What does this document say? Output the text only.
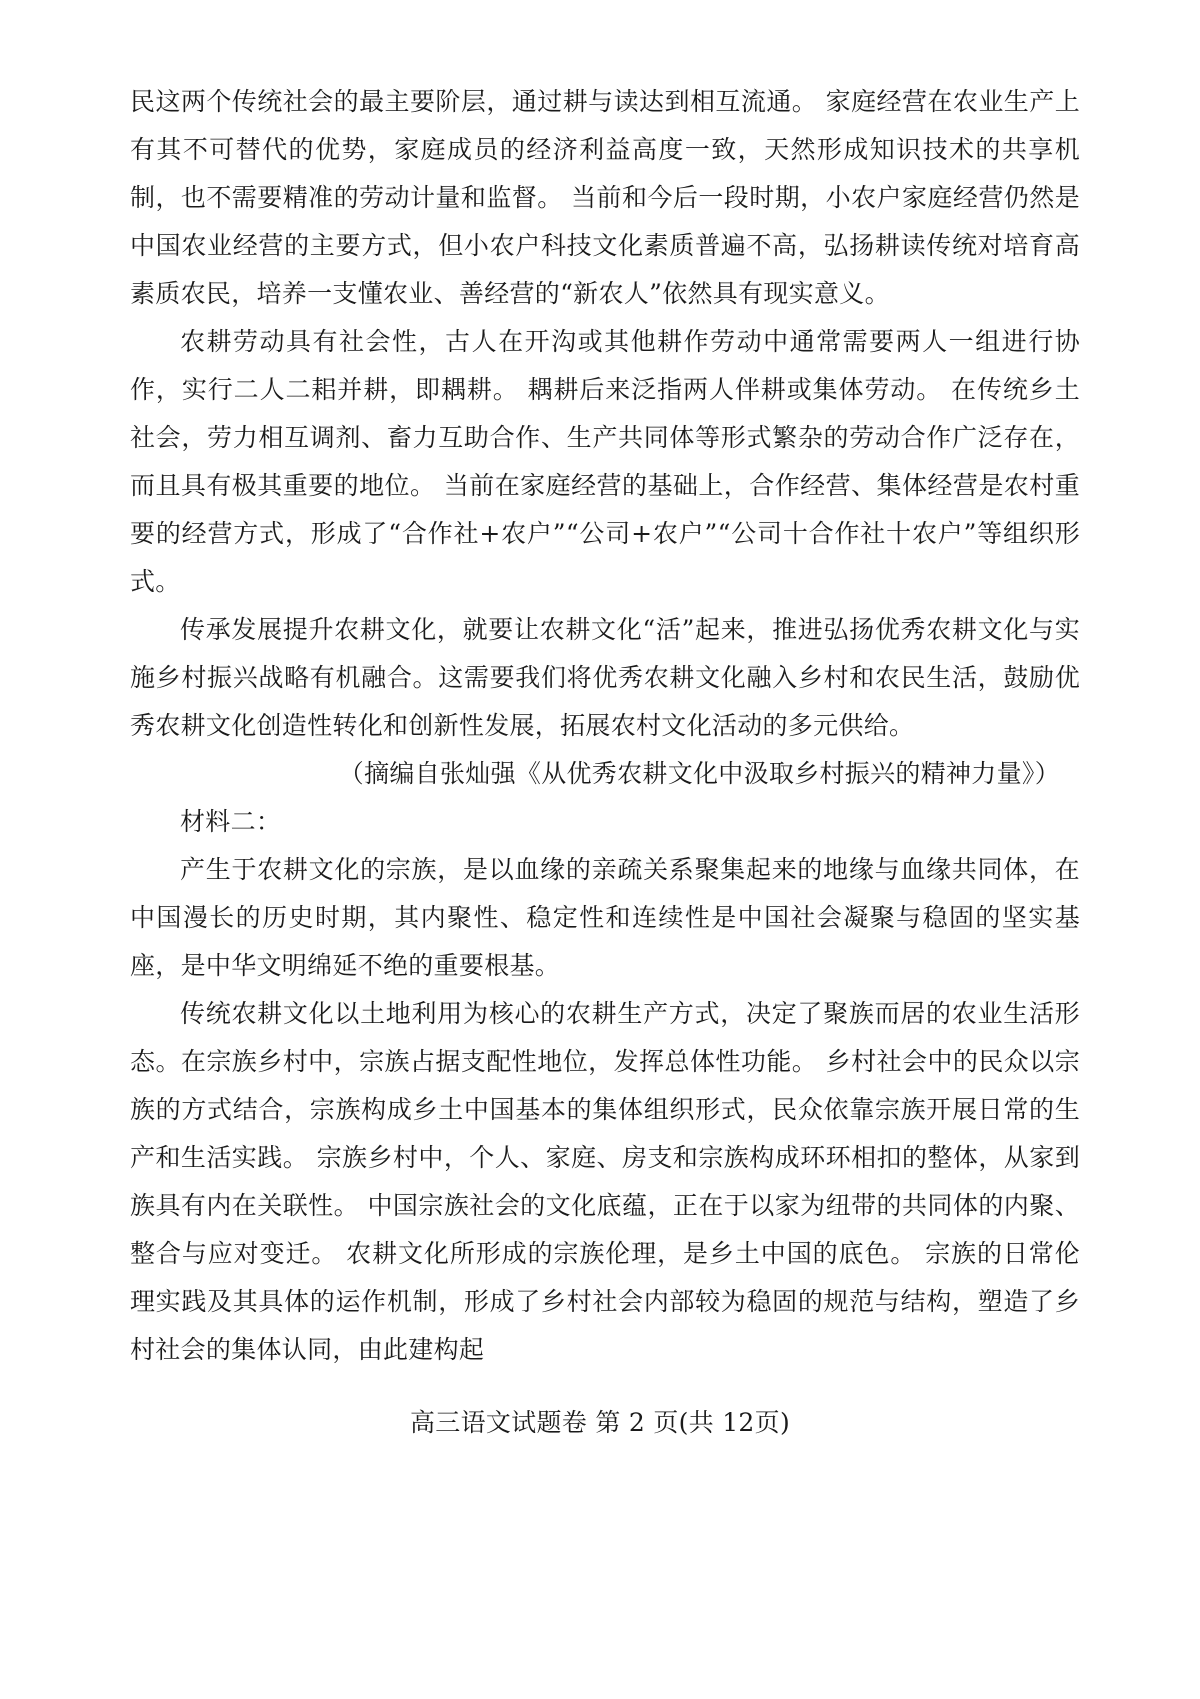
民这两个传统社会的最主要阶层，通过耕与读达到相互流通。 家庭经营在农业生产上有其不可替代的优势，家庭成员的经济利益高度一致，天然形成知识技术的共享机制，也不需要精准的劳动计量和监督。 当前和今后一段时期，小农户家庭经营仍然是中国农业经营的主要方式，但小农户科技文化素质普遍不高，弘扬耕读传统对培育高素质农民，培养一支懂农业、善经营的“新农人”依然具有现实意义。

农耕劳动具有社会性，古人在开沟或其他耕作劳动中通常需要两人一组进行协作，实行二人二耜并耕，即耦耕。 耦耕后来泛指两人伴耕或集体劳动。 在传统乡土社会，劳力相互调剂、畜力互助合作、生产共同体等形式繁杂的劳动合作广泛存在，而且具有极其重要的地位。 当前在家庭经营的基础上，合作经营、集体经营是农村重要的经营方式，形成了“合作社+农户”“公司+农户”“公司十合作社十农户”等组织形式。

传承发展提升农耕文化，就要让农耕文化“活”起来，推进弘扬优秀农耕文化与实施乡村振兴战略有机融合。这需要我们将优秀农耕文化融入乡村和农民生活，鼓励优秀农耕文化创造性转化和创新性发展，拓展农村文化活动的多元供给。

（摘编自张灿强《从优秀农耕文化中汲取乡村振兴的精神力量》）

材料二：

产生于农耕文化的宗族，是以血缘的亲疏关系聚集起来的地缘与血缘共同体，在中国漫长的历史时期，其内聚性、稳定性和连续性是中国社会凝聚与稳固的坚实基座，是中华文明绵延不绝的重要根基。

传统农耕文化以土地利用为核心的农耕生产方式，决定了聚族而居的农业生活形态。在宗族乡村中，宗族占据支配性地位，发挥总体性功能。 乡村社会中的民众以宗族的方式结合，宗族构成乡土中国基本的集体组织形式，民众依靠宗族开展日常的生产和生活实践。 宗族乡村中，个人、家庭、房支和宗族构成环环相扣的整体，从家到族具有内在关联性。 中国宗族社会的文化底蕴，正在于以家为纽带的共同体的内聚、整合与应对变迁。 农耕文化所形成的宗族伦理，是乡土中国的底色。 宗族的日常伦理实践及其具体的运作机制，形成了乡村社会内部较为稳固的规范与结构，塑造了乡村社会的集体认同，由此建构起

高三语文试题卷 第 2 页(共 12页)
